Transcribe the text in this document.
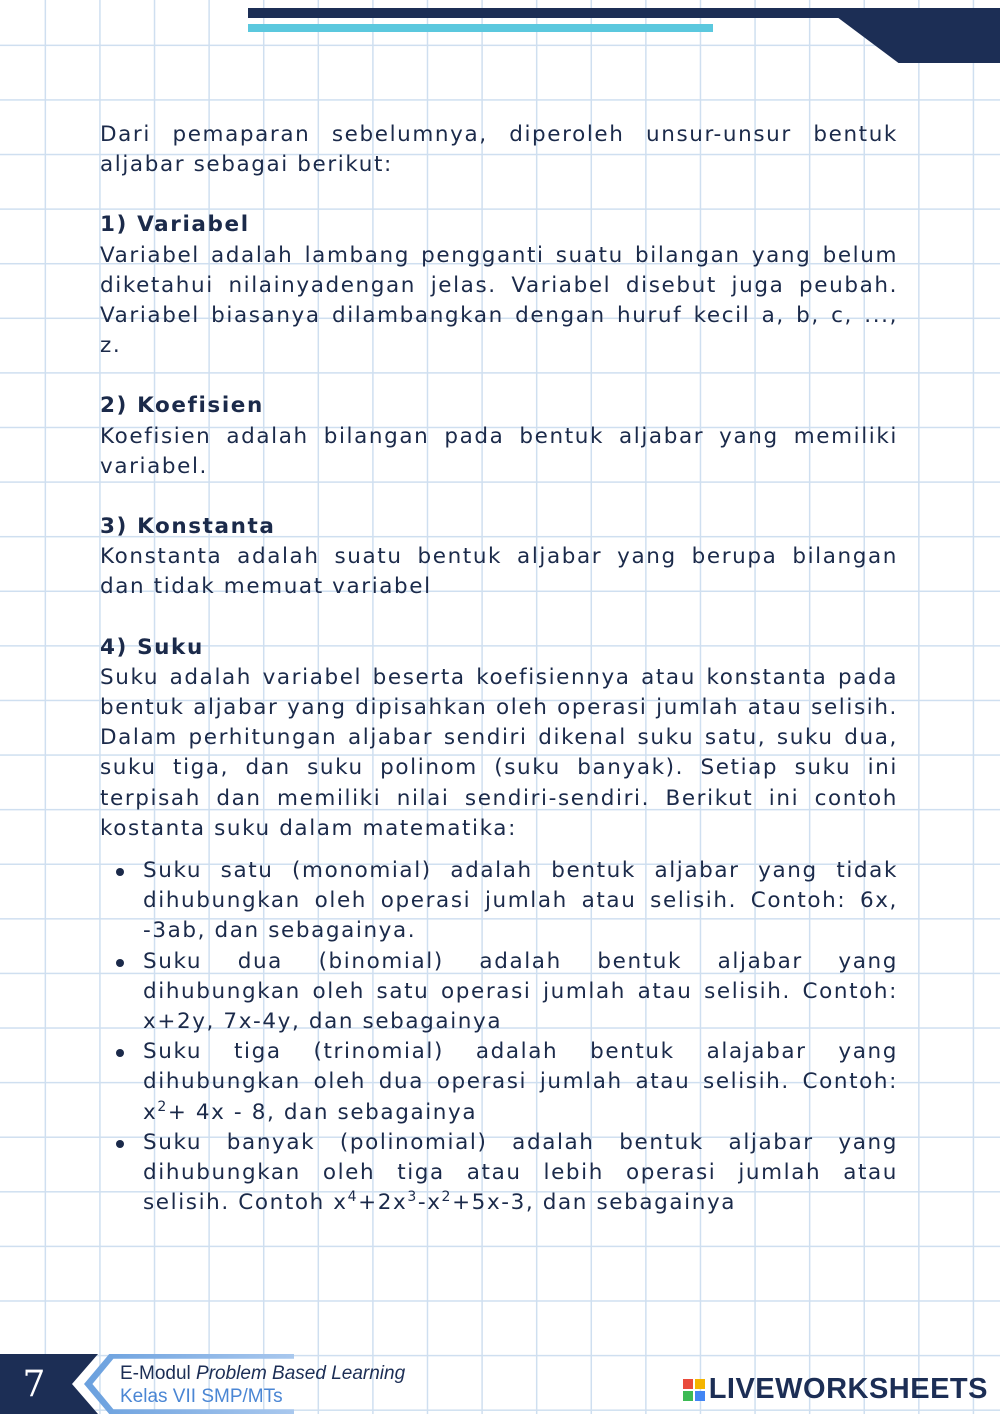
Dari pemaparan sebelumnya, diperoleh unsur-unsur bentuk aljabar sebagai berikut:

1) Variabel

Variabel adalah lambang pengganti suatu bilangan yang belum diketahui nilainyadengan jelas. Variabel disebut juga peubah. Variabel biasanya dilambangkan dengan huruf kecil a, b, c, ..., z.

2) Koefisien

Koefisien adalah bilangan pada bentuk aljabar yang memiliki variabel.

3) Konstanta

Konstanta adalah suatu bentuk aljabar yang berupa bilangan dan tidak memuat variabel

4) Suku

Suku adalah variabel beserta koefisiennya atau konstanta pada bentuk aljabar yang dipisahkan oleh operasi jumlah atau selisih. Dalam perhitungan aljabar sendiri dikenal suku satu, suku dua, suku tiga, dan suku polinom (suku banyak). Setiap suku ini terpisah dan memiliki nilai sendiri-sendiri. Berikut ini contoh kostanta suku dalam matematika:

Suku satu (monomial) adalah bentuk aljabar yang tidak dihubungkan oleh operasi jumlah atau selisih. Contoh: 6x, -3ab, dan sebagainya.
Suku dua (binomial) adalah bentuk aljabar yang dihubungkan oleh satu operasi jumlah atau selisih. Contoh: x+2y, 7x-4y, dan sebagainya
Suku tiga (trinomial) adalah bentuk alajabar yang dihubungkan oleh dua operasi jumlah atau selisih. Contoh: $x^2+ 4x - 8$, dan sebagainya
Suku banyak (polinomial) adalah bentuk aljabar yang dihubungkan oleh tiga atau lebih operasi jumlah atau selisih. Contoh $x^4+2x^3-x^2+5x-3$, dan sebagainya
7	E-Modul Problem Based Learning
Kelas VII SMP/MTs	LIVEWORKSHEETS
